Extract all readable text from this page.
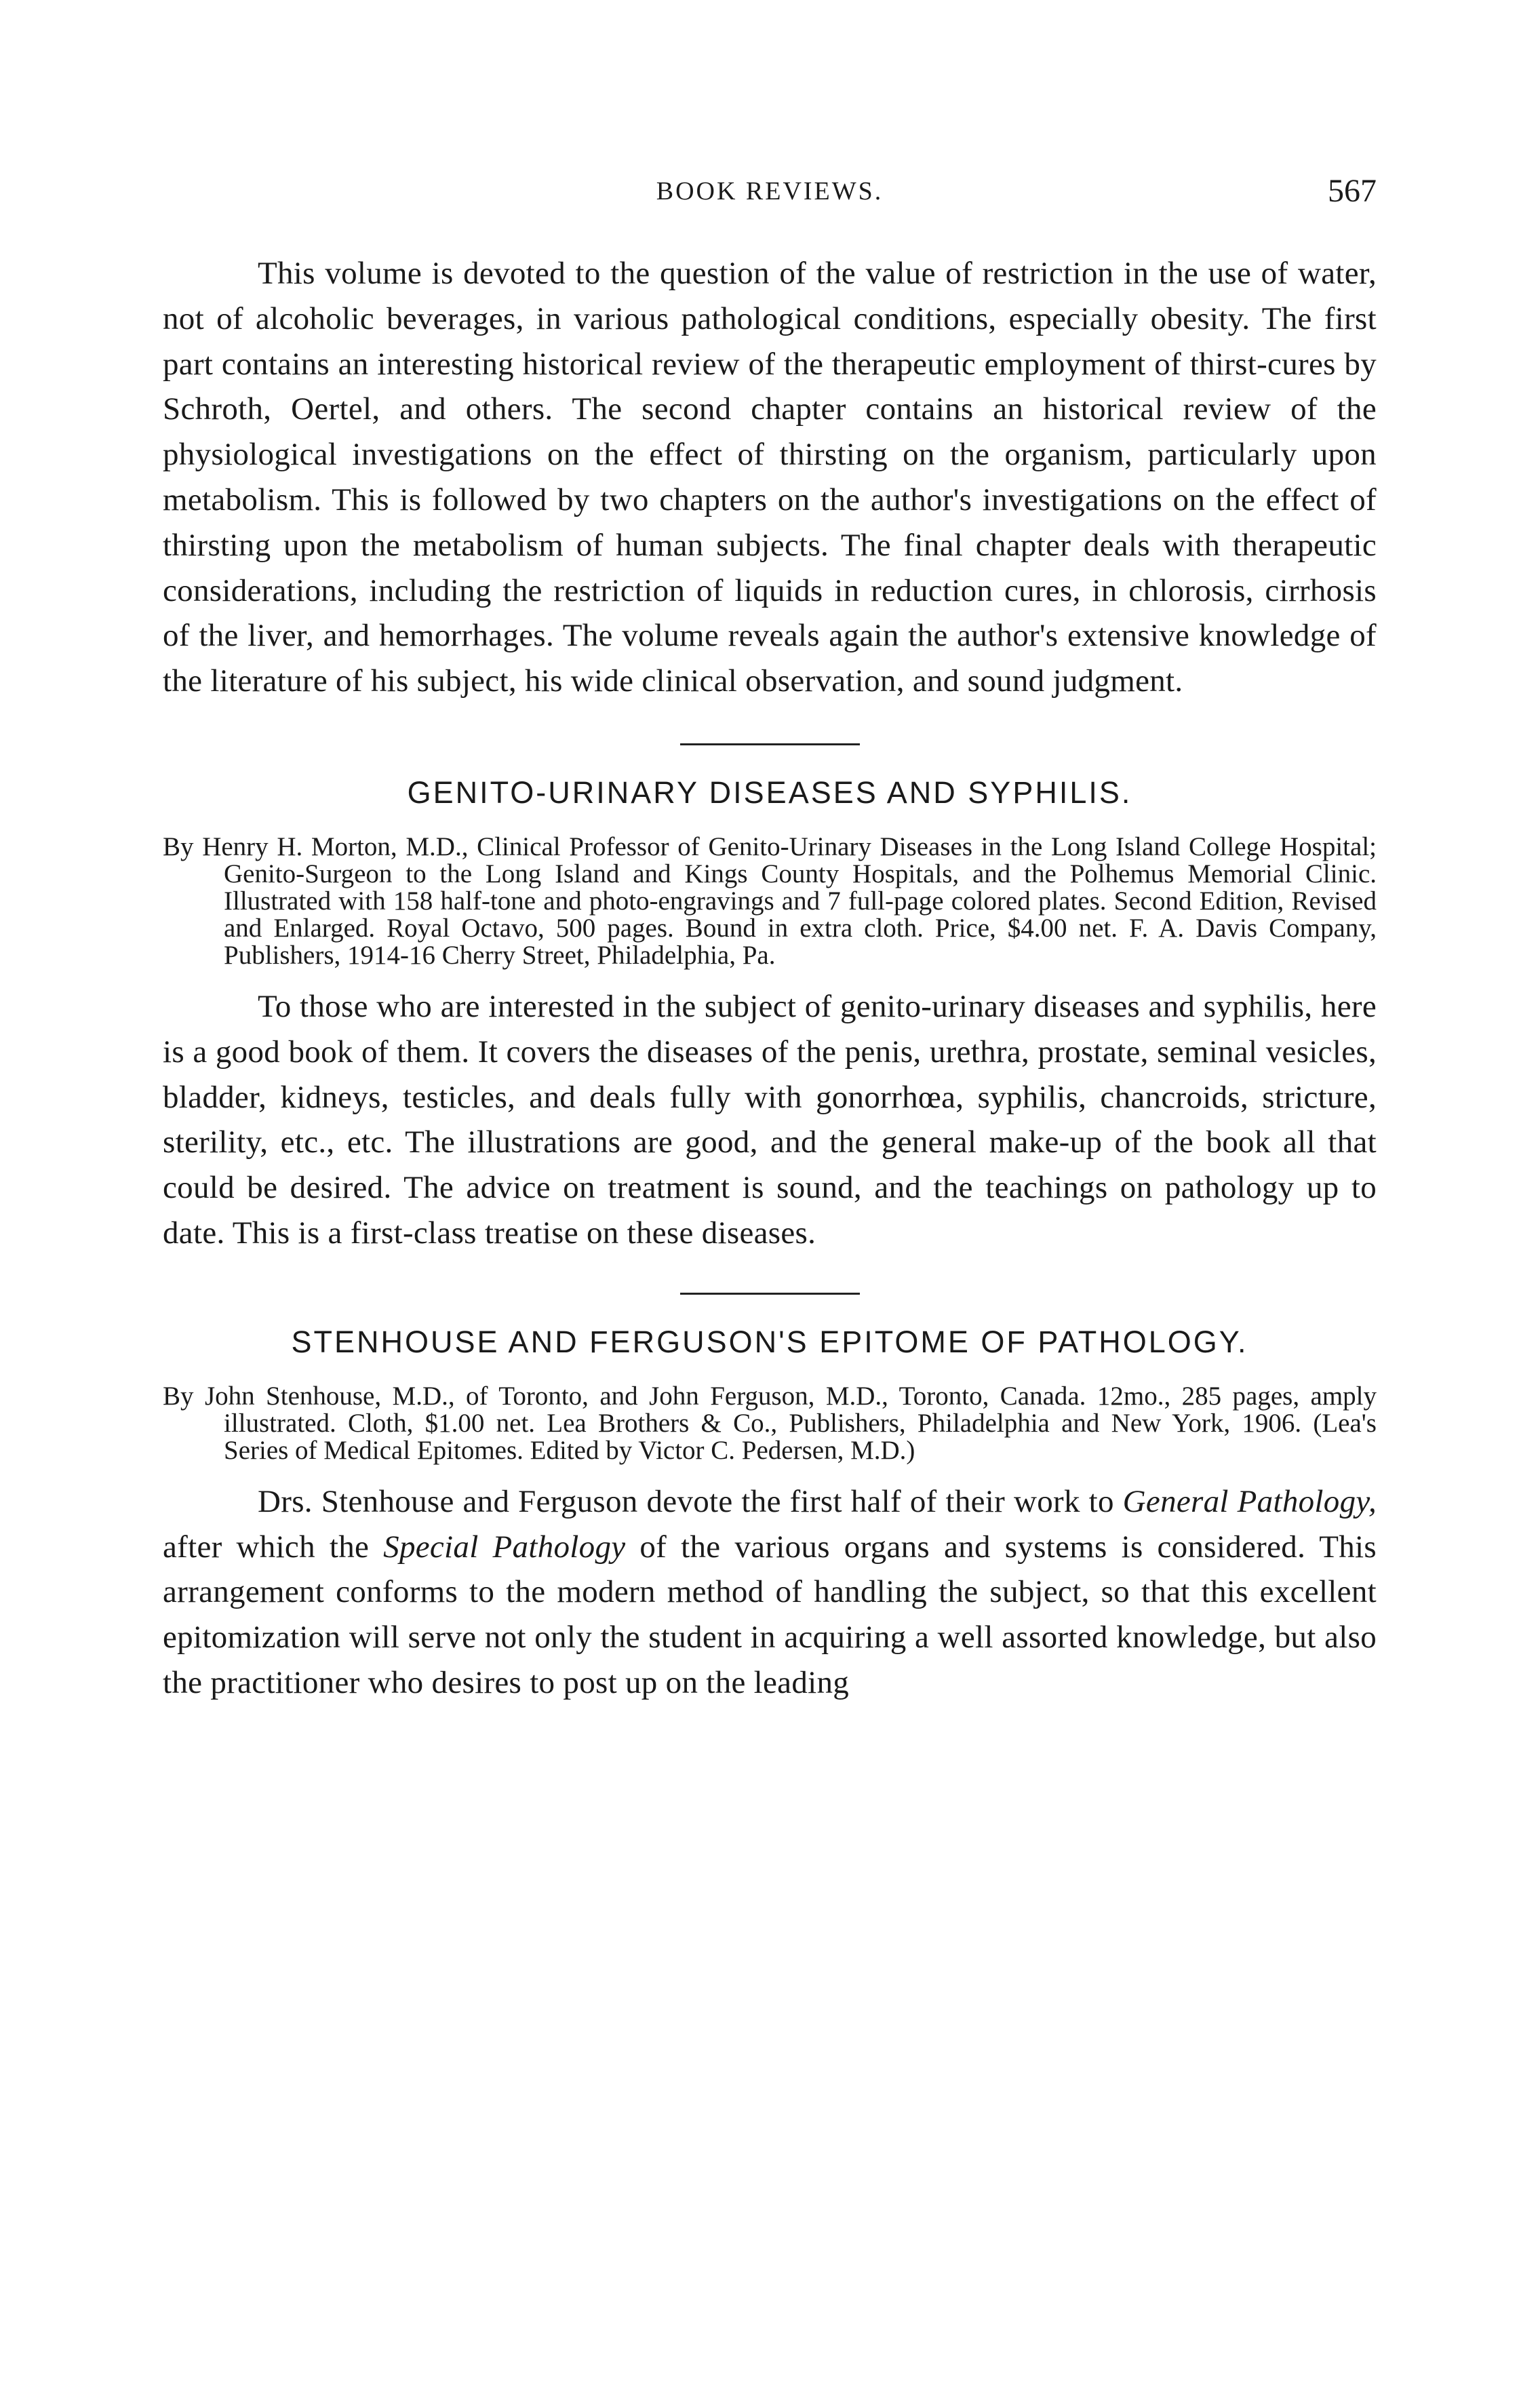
BOOK REVIEWS.	567

This volume is devoted to the question of the value of restriction in the use of water, not of alcoholic beverages, in various pathological conditions, especially obesity. The first part contains an interesting historical review of the therapeutic employment of thirst-cures by Schroth, Oertel, and others. The second chapter contains an historical review of the physiological investigations on the effect of thirsting on the organism, particularly upon metabolism. This is followed by two chapters on the author's investigations on the effect of thirsting upon the metabolism of human subjects. The final chapter deals with therapeutic considerations, including the restriction of liquids in reduction cures, in chlorosis, cirrhosis of the liver, and hemorrhages. The volume reveals again the author's extensive knowledge of the literature of his subject, his wide clinical observation, and sound judgment.

GENITO-URINARY DISEASES AND SYPHILIS.

By Henry H. Morton, M.D., Clinical Professor of Genito-Urinary Diseases in the Long Island College Hospital; Genito-Surgeon to the Long Island and Kings County Hospitals, and the Polhemus Memorial Clinic. Illustrated with 158 half-tone and photo-engravings and 7 full-page colored plates. Second Edition, Revised and Enlarged. Royal Octavo, 500 pages. Bound in extra cloth. Price, $4.00 net. F. A. Davis Company, Publishers, 1914-16 Cherry Street, Philadelphia, Pa.

To those who are interested in the subject of genito-urinary diseases and syphilis, here is a good book of them. It covers the diseases of the penis, urethra, prostate, seminal vesicles, bladder, kidneys, testicles, and deals fully with gonorrhœa, syphilis, chancroids, stricture, sterility, etc., etc. The illustrations are good, and the general make-up of the book all that could be desired. The advice on treatment is sound, and the teachings on pathology up to date. This is a first-class treatise on these diseases.

STENHOUSE AND FERGUSON'S EPITOME OF PATHOLOGY.

By John Stenhouse, M.D., of Toronto, and John Ferguson, M.D., Toronto, Canada. 12mo., 285 pages, amply illustrated. Cloth, $1.00 net. Lea Brothers & Co., Publishers, Philadelphia and New York, 1906. (Lea's Series of Medical Epitomes. Edited by Victor C. Pedersen, M.D.)

Drs. Stenhouse and Ferguson devote the first half of their work to General Pathology, after which the Special Pathology of the various organs and systems is considered. This arrangement conforms to the modern method of handling the subject, so that this excellent epitomization will serve not only the student in acquiring a well assorted knowledge, but also the practitioner who desires to post up on the leading
